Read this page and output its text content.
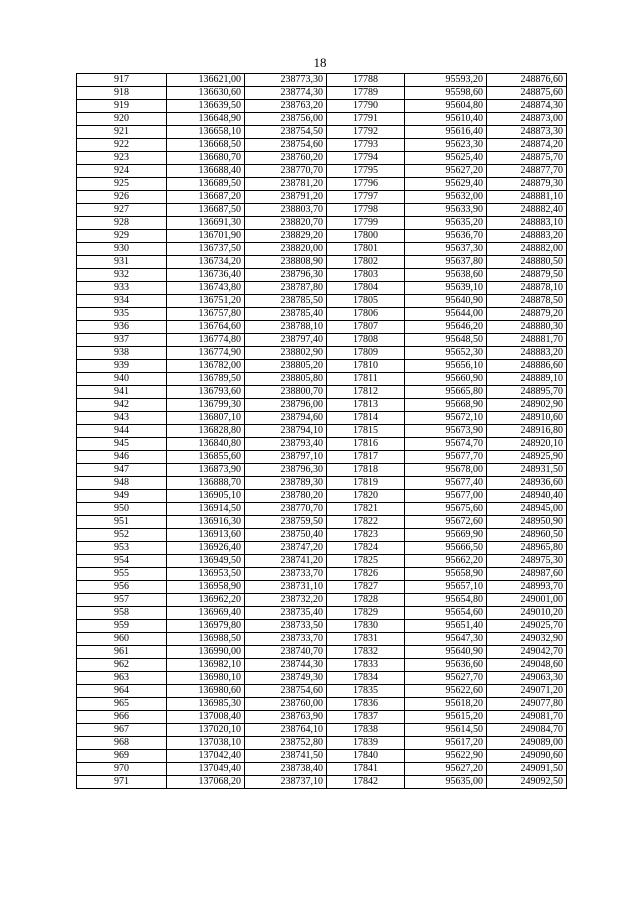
18
917	136621,00	238773,30	17788	95593,20	248876,60
918	136630,60	238774,30	17789	95598,60	248875,60
919	136639,50	238763,20	17790	95604,80	248874,30
920	136648,90	238756,00	17791	95610,40	248873,00
921	136658,10	238754,50	17792	95616,40	248873,30
922	136668,50	238754,60	17793	95623,30	248874,20
923	136680,70	238760,20	17794	95625,40	248875,70
924	136688,40	238770,70	17795	95627,20	248877,70
925	136689,50	238781,20	17796	95629,40	248879,30
926	136687,20	238791,20	17797	95632,00	248881,10
927	136687,50	238803,70	17798	95633,90	248882,40
928	136691,30	238820,70	17799	95635,20	248883,10
929	136701,90	238829,20	17800	95636,70	248883,20
930	136737,50	238820,00	17801	95637,30	248882,00
931	136734,20	238808,90	17802	95637,80	248880,50
932	136736,40	238796,30	17803	95638,60	248879,50
933	136743,80	238787,80	17804	95639,10	248878,10
934	136751,20	238785,50	17805	95640,90	248878,50
935	136757,80	238785,40	17806	95644,00	248879,20
936	136764,60	238788,10	17807	95646,20	248880,30
937	136774,80	238797,40	17808	95648,50	248881,70
938	136774,90	238802,90	17809	95652,30	248883,20
939	136782,00	238805,20	17810	95656,10	248886,60
940	136789,50	238805,80	17811	95660,90	248889,10
941	136793,60	238800,70	17812	95665,80	248895,70
942	136799,30	238796,00	17813	95668,90	248902,90
943	136807,10	238794,60	17814	95672,10	248910,60
944	136828,80	238794,10	17815	95673,90	248916,80
945	136840,80	238793,40	17816	95674,70	248920,10
946	136855,60	238797,10	17817	95677,70	248925,90
947	136873,90	238796,30	17818	95678,00	248931,50
948	136888,70	238789,30	17819	95677,40	248936,60
949	136905,10	238780,20	17820	95677,00	248940,40
950	136914,50	238770,70	17821	95675,60	248945,00
951	136916,30	238759,50	17822	95672,60	248950,90
952	136913,60	238750,40	17823	95669,90	248960,50
953	136926,40	238747,20	17824	95666,50	248965,80
954	136949,50	238741,20	17825	95662,20	248975,30
955	136953,50	238733,70	17826	95658,90	248987,60
956	136958,90	238731,10	17827	95657,10	248993,70
957	136962,20	238732,20	17828	95654,80	249001,00
958	136969,40	238735,40	17829	95654,60	249010,20
959	136979,80	238733,50	17830	95651,40	249025,70
960	136988,50	238733,70	17831	95647,30	249032,90
961	136990,00	238740,70	17832	95640,90	249042,70
962	136982,10	238744,30	17833	95636,60	249048,60
963	136980,10	238749,30	17834	95627,70	249063,30
964	136980,60	238754,60	17835	95622,60	249071,20
965	136985,30	238760,00	17836	95618,20	249077,80
966	137008,40	238763,90	17837	95615,20	249081,70
967	137020,10	238764,10	17838	95614,50	249084,70
968	137038,10	238752,80	17839	95617,20	249089,00
969	137042,40	238741,50	17840	95622,90	249090,60
970	137049,40	238738,40	17841	95627,20	249091,50
971	137068,20	238737,10	17842	95635,00	249092,50
